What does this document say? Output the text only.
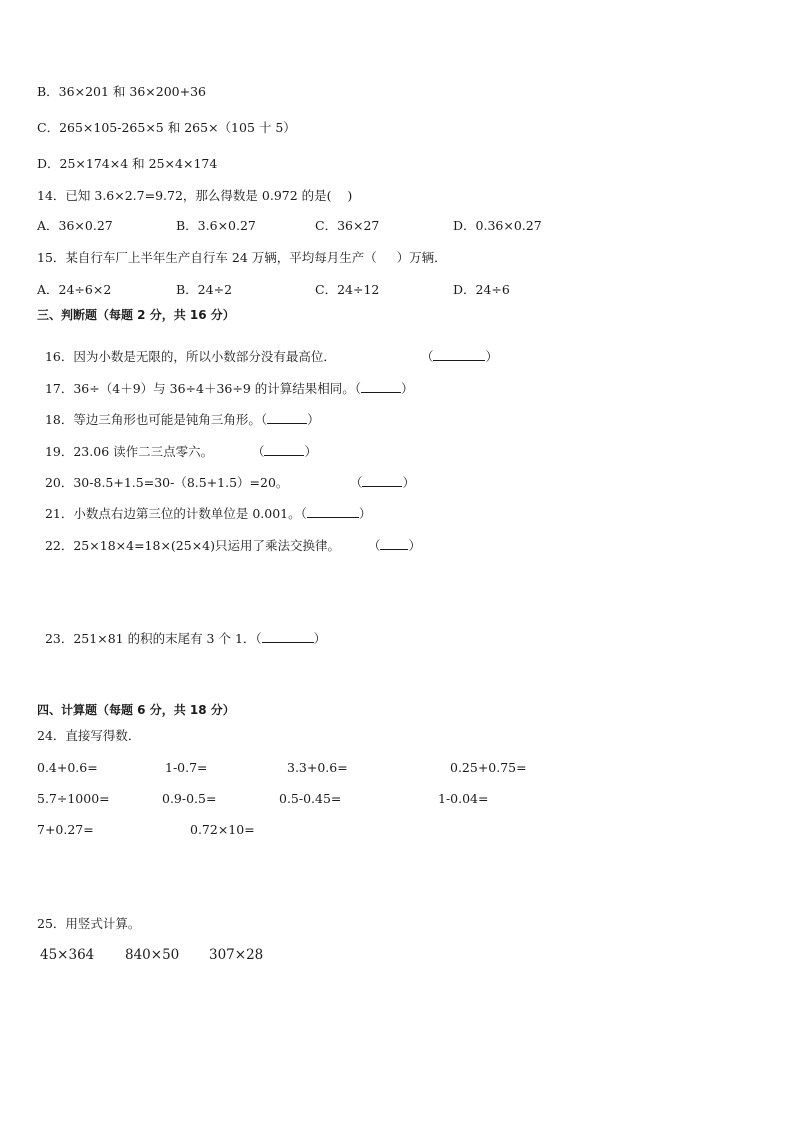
B．36×201 和 36×200+36
C．265×105-265×5 和 265×（105 十 5）
D．25×174×4 和 25×4×174
14．已知 3.6×2.7=9.72，那么得数是 0.972 的是(    )
A．36×0.27	B．3.6×0.27	C．36×27	D．0.36×0.27
15．某自行车厂上半年生产自行车 24 万辆，平均每月生产（     ）万辆．
A．24÷6×2	B．24÷2	C．24÷12	D．24÷6
三、判断题（每题 2 分，共 16 分）

16．因为小数是无限的，所以小数部分没有最高位．	（	）

17．36÷（4＋9）与 36÷4＋36÷9 的计算结果相同。（	）

18．等边三角形也可能是钝角三角形。（	）

19．23.06 读作二三点零六。	（	）

20．30-8.5+1.5=30-（8.5+1.5）=20。	（	）

21．小数点右边第三位的计数单位是 0.001。（	）

22．25×18×4=18×(25×4)只运用了乘法交换律。	（ ）

23．251×81 的积的末尾有 3 个 1．（	）

四、计算题（每题 6 分，共 18 分）
24．直接写得数．
0.4+0.6=	1-0.7=	3.3+0.6=	0.25+0.75=
5.7÷1000=	0.9-0.5=	0.5-0.45=	1-0.04=
7+0.27=	0.72×10=
25．用竖式计算。
45×364 840×50 307×28
